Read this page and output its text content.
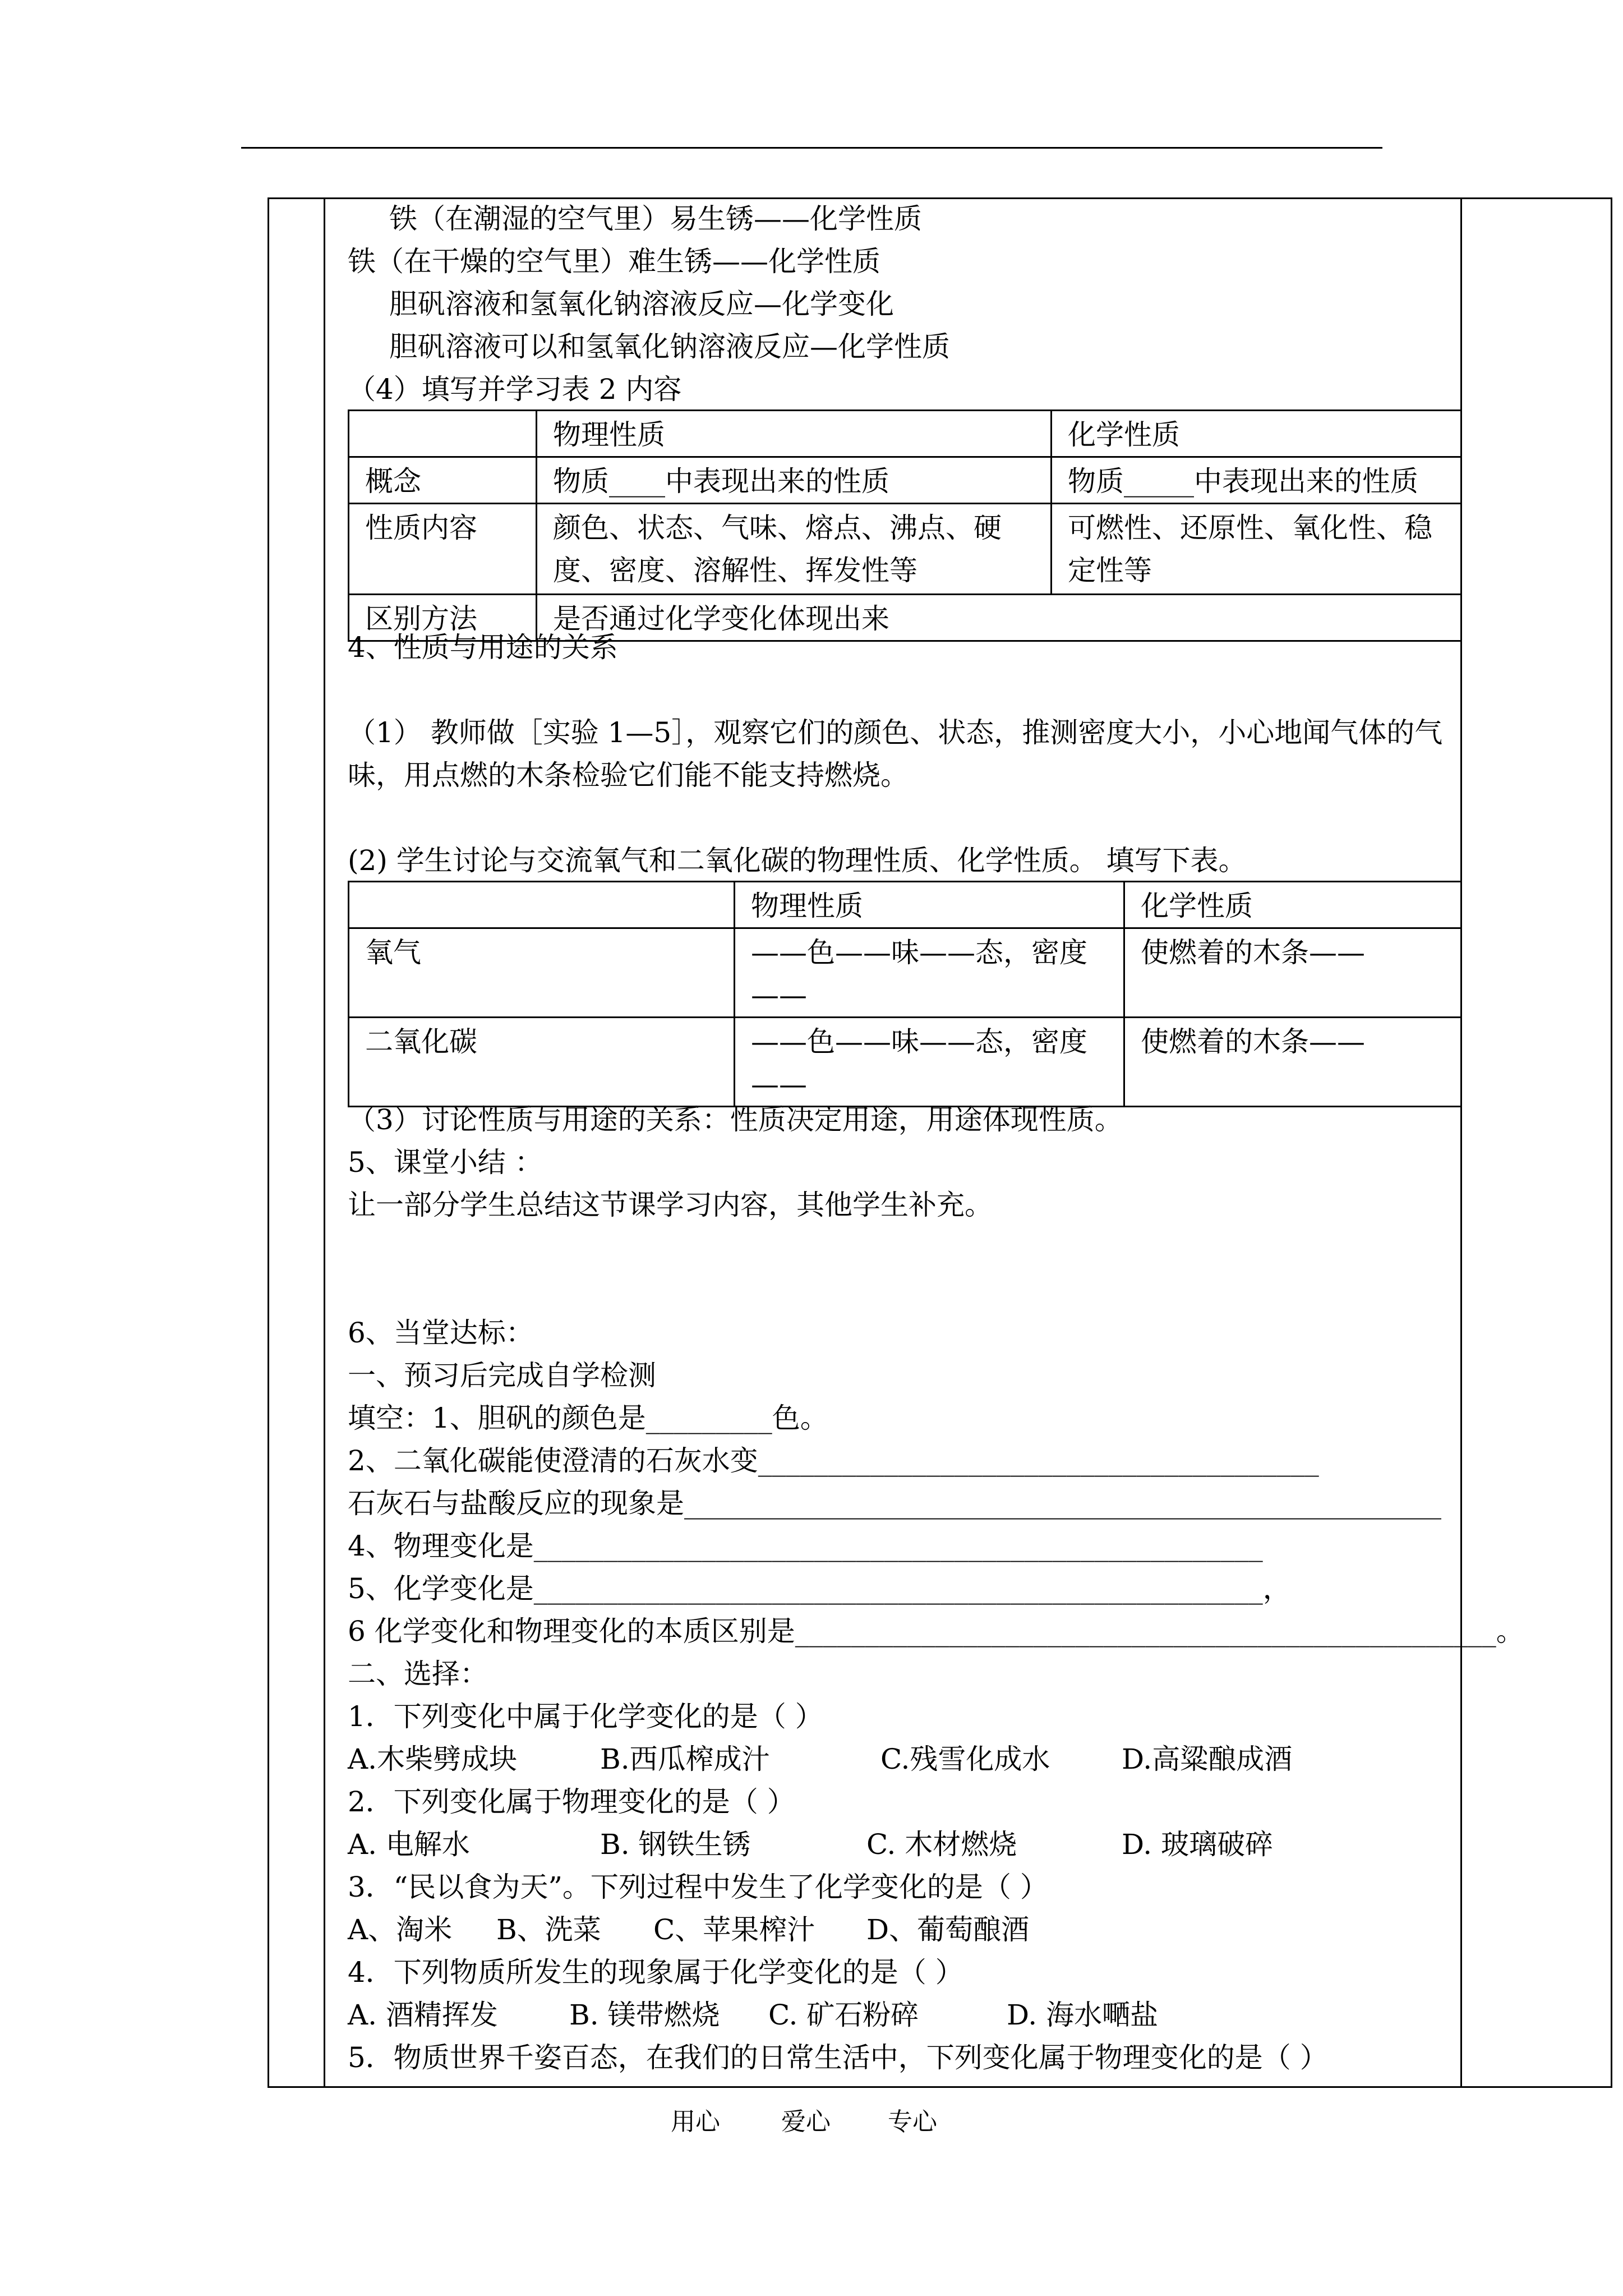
铁（在潮湿的空气里）易生锈——化学性质
铁（在干燥的空气里）难生锈——化学性质
胆矾溶液和氢氧化钠溶液反应—化学变化
胆矾溶液可以和氢氧化钠溶液反应—化学性质
（4）填写并学习表 2 内容
	物理性质	化学性质
概念	物质____中表现出来的性质	物质_____中表现出来的性质
性质内容	颜色、状态、气味、熔点、沸点、硬度、密度、溶解性、挥发性等	可燃性、还原性、氧化性、稳定性等
区别方法	是否通过化学变化体现出来	
4、性质与用途的关系
（1） 教师做［实验 1—5］，观察它们的颜色、状态，推测密度大小，小心地闻气体的气
味，用点燃的木条检验它们能不能支持燃烧。
(2) 学生讨论与交流氧气和二氧化碳的物理性质、化学性质。 填写下表。
	物理性质	化学性质
氧气	——色——味——态，密度——	使燃着的木条——
二氧化碳	——色——味——态，密度——	使燃着的木条——
（3）讨论性质与用途的关系：性质决定用途，用途体现性质。
5、课堂小结 ：
让一部分学生总结这节课学习内容，其他学生补充。
6、当堂达标：
一、预习后完成自学检测
填空：1、胆矾的颜色是_________色。
2、二氧化碳能使澄清的石灰水变________________________________________
石灰石与盐酸反应的现象是______________________________________________________
4、物理变化是____________________________________________________
5、化学变化是____________________________________________________，
6 化学变化和物理变化的本质区别是__________________________________________________。
二、选择：
1．下列变化中属于化学变化的是（ ）
A.木柴劈成块	B.西瓜榨成汁	C.残雪化成水	D.高粱酿成酒
2．下列变化属于物理变化的是（ ）
A. 电解水	B. 钢铁生锈	C. 木材燃烧	D. 玻璃破碎
3．“民以食为天”。下列过程中发生了化学变化的是（ ）
A、淘米 B、洗菜 C、苹果榨汁 D、葡萄酿酒
4．下列物质所发生的现象属于化学变化的是（ ）
A. 酒精挥发	B. 镁带燃烧 C. 矿石粉碎	D. 海水嗮盐
5．物质世界千姿百态，在我们的日常生活中，下列变化属于物理变化的是（ ）
用心 爱心 专心
